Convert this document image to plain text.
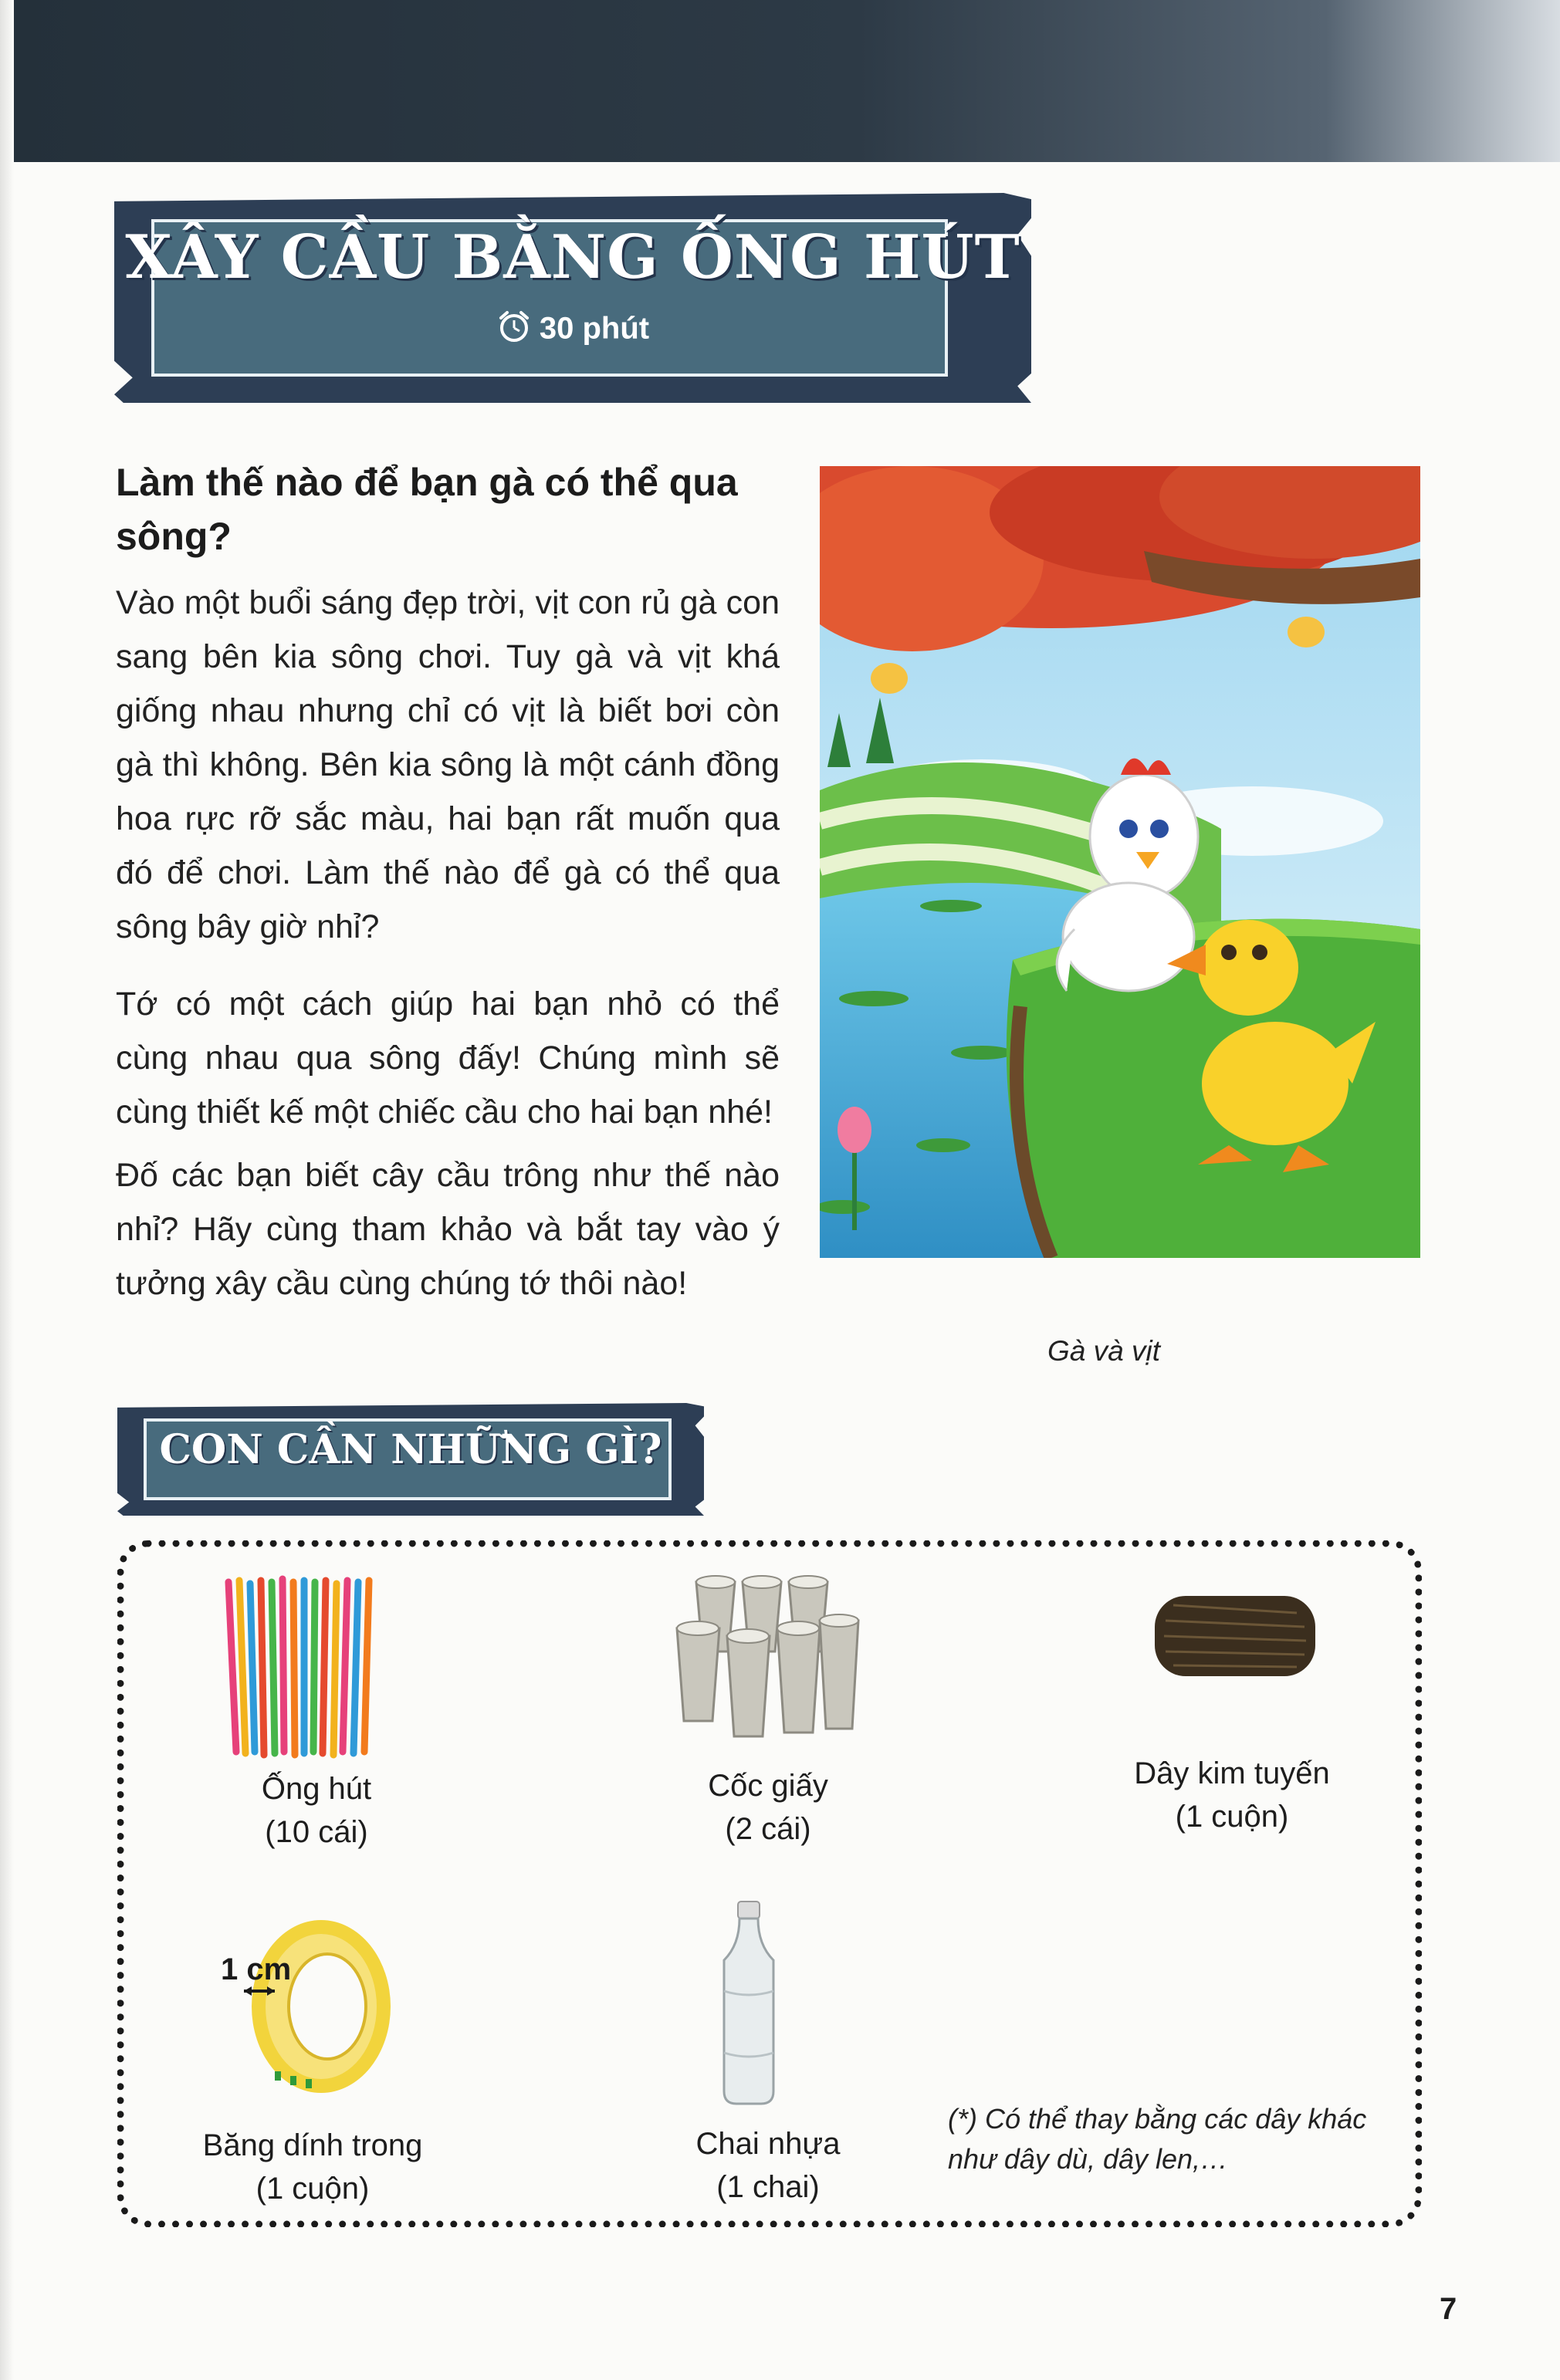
XÂY CẦU BẰNG ỐNG HÚT
30 phút
Làm thế nào để bạn gà có thể qua sông?

Vào một buổi sáng đẹp trời, vịt con rủ gà con sang bên kia sông chơi. Tuy gà và vịt khá giống nhau nhưng chỉ có vịt là biết bơi còn gà thì không. Bên kia sông là một cánh đồng hoa rực rỡ sắc màu, hai bạn rất muốn qua đó để chơi. Làm thế nào để gà có thể qua sông bây giờ nhỉ?

Tớ có một cách giúp hai bạn nhỏ có thể cùng nhau qua sông đấy! Chúng mình sẽ cùng thiết kế một chiếc cầu cho hai bạn nhé!

Đố các bạn biết cây cầu trông như thế nào nhỉ? Hãy cùng tham khảo và bắt tay vào ý tưởng xây cầu cùng chúng tớ thôi nào!

Gà và vịt
CON CẦN NHỮNG GÌ?
Ống hút
(10 cái)
Cốc giấy
(2 cái)
Dây kim tuyến
(1 cuộn)
1 cm
Băng dính trong
(1 cuộn)
Chai nhựa
(1 chai)
(*) Có thể thay bằng các dây khác như dây dù, dây len,…
7
